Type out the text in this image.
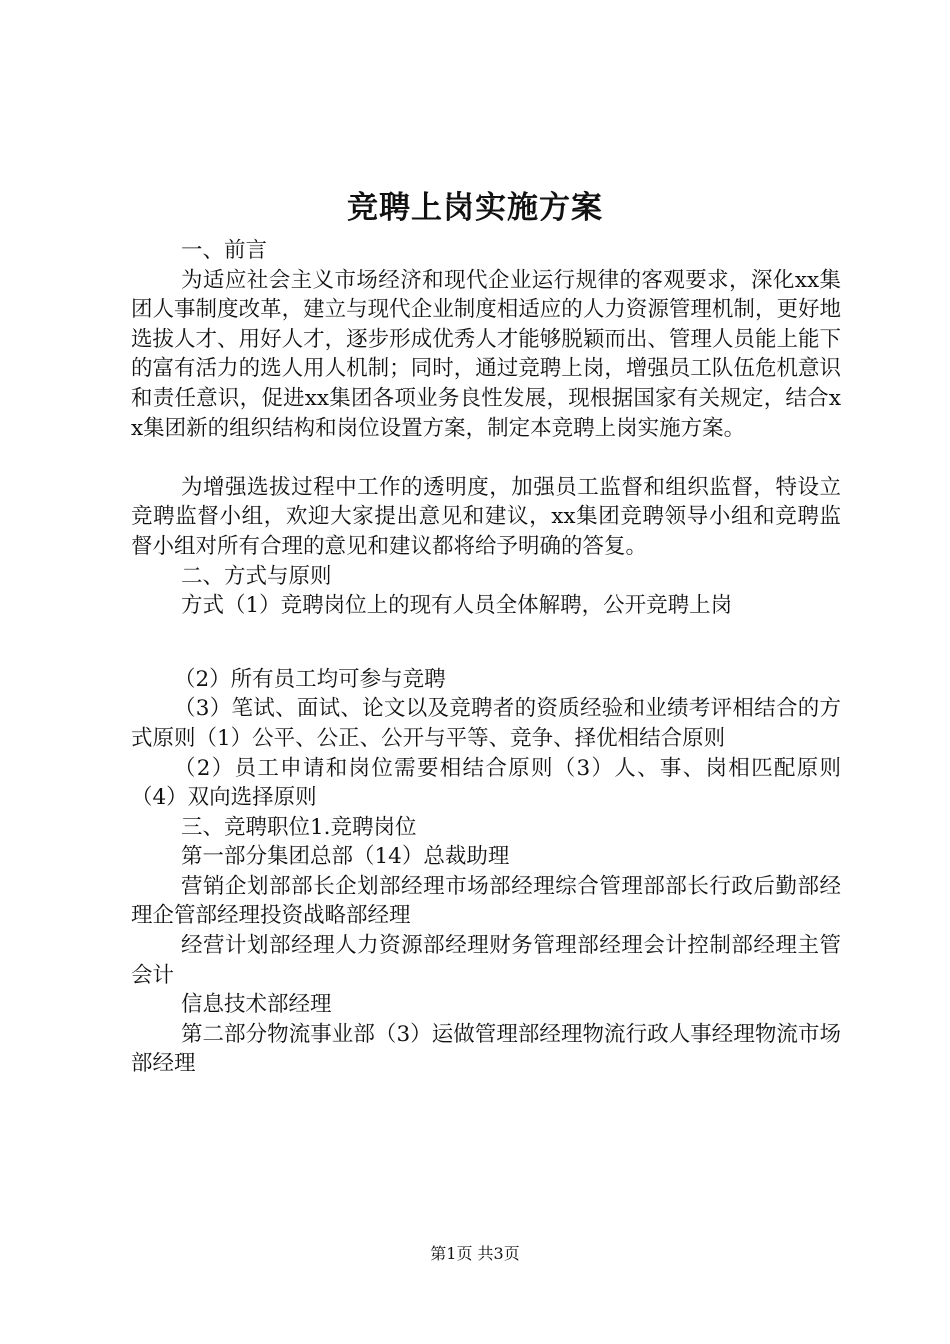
竞聘上岗实施方案

一、前言

为适应社会主义市场经济和现代企业运行规律的客观要求，深化xx集团人事制度改革，建立与现代企业制度相适应的人力资源管理机制，更好地选拔人才、用好人才，逐步形成优秀人才能够脱颖而出、管理人员能上能下的富有活力的选人用人机制；同时，通过竞聘上岗，增强员工队伍危机意识和责任意识，促进xx集团各项业务良性发展，现根据国家有关规定，结合xx集团新的组织结构和岗位设置方案，制定本竞聘上岗实施方案。

为增强选拔过程中工作的透明度，加强员工监督和组织监督，特设立竞聘监督小组，欢迎大家提出意见和建议，xx集团竞聘领导小组和竞聘监督小组对所有合理的意见和建议都将给予明确的答复。

二、方式与原则

方式（1）竞聘岗位上的现有人员全体解聘，公开竞聘上岗

（2）所有员工均可参与竞聘

（3）笔试、面试、论文以及竞聘者的资质经验和业绩考评相结合的方式原则（1）公平、公正、公开与平等、竞争、择优相结合原则

（2）员工申请和岗位需要相结合原则（3）人、事、岗相匹配原则（4）双向选择原则

三、竞聘职位1.竞聘岗位

第一部分集团总部（14）总裁助理

营销企划部部长企划部经理市场部经理综合管理部部长行政后勤部经理企管部经理投资战略部经理

经营计划部经理人力资源部经理财务管理部经理会计控制部经理主管会计

信息技术部经理

第二部分物流事业部（3）运做管理部经理物流行政人事经理物流市场部经理

第1页 共3页
